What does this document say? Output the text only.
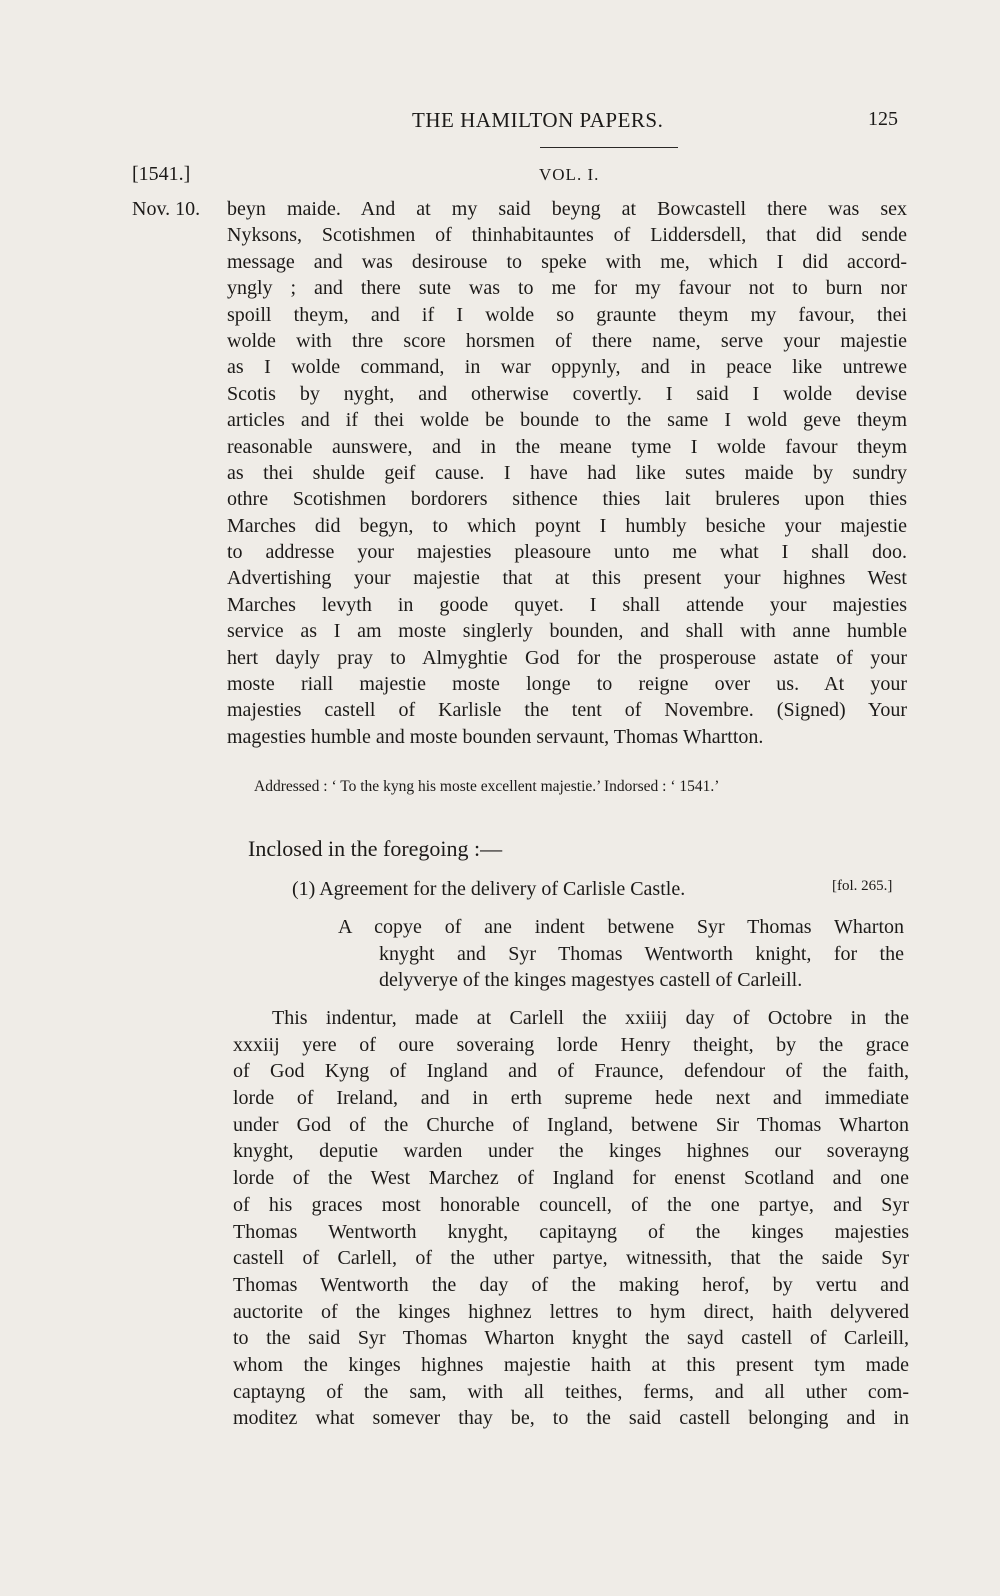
THE HAMILTON PAPERS.	125
[1541.]	VOL. I.
Nov. 10. beyn maide. And at my said beyng at Bowcastell there was sex
Nyksons, Scotishmen of thinhabitauntes of Liddersdell, that did sende
message and was desirouse to speke with me, which I did accord-
yngly ; and there sute was to me for my favour not to burn nor
spoill theym, and if I wolde so graunte theym my favour, thei
wolde with thre score horsmen of there name, serve your majestie
as I wolde command, in war oppynly, and in peace like untrewe
Scotis by nyght, and otherwise covertly. I said I wolde devise
articles and if thei wolde be bounde to the same I wold geve theym
reasonable aunswere, and in the meane tyme I wolde favour theym
as thei shulde geif cause. I have had like sutes maide by sundry
othre Scotishmen bordorers sithence thies lait bruleres upon thies
Marches did begyn, to which poynt I humbly besiche your majestie
to addresse your majesties pleasoure unto me what I shall doo.
Advertishing your majestie that at this present your highnes West
Marches levyth in goode quyet. I shall attende your majesties
service as I am moste singlerly bounden, and shall with anne humble
hert dayly pray to Almyghtie God for the prosperouse astate of your
moste riall majestie moste longe to reigne over us. At your
majesties castell of Karlisle the tent of Novembre. (Signed) Your
magesties humble and moste bounden servaunt, Thomas Whartton.
Addressed : ‘ To the kyng his moste excellent majestie.’ Indorsed : ‘ 1541.’
Inclosed in the foregoing :—
(1) Agreement for the delivery of Carlisle Castle.	[fol. 265.]
A copye of ane indent betwene Syr Thomas Wharton
knyght and Syr Thomas Wentworth knight, for the
delyverye of the kinges magestyes castell of Carleill.
This indentur, made at Carlell the xxiiij day of Octobre in the
xxxiij yere of oure soveraing lorde Henry theight, by the grace
of God Kyng of Ingland and of Fraunce, defendour of the faith,
lorde of Ireland, and in erth supreme hede next and immediate
under God of the Churche of Ingland, betwene Sir Thomas Wharton
knyght, deputie warden under the kinges highnes our soverayng
lorde of the West Marchez of Ingland for enenst Scotland and one
of his graces most honorable councell, of the one partye, and Syr
Thomas Wentworth knyght, capitayng of the kinges majesties
castell of Carlell, of the uther partye, witnessith, that the saide Syr
Thomas Wentworth the day of the making herof, by vertu and
auctorite of the kinges highnez lettres to hym direct, haith delyvered
to the said Syr Thomas Wharton knyght the sayd castell of Carleill,
whom the kinges highnes majestie haith at this present tym made
captayng of the sam, with all teithes, ferms, and all uther com-
moditez what somever thay be, to the said castell belonging and in
